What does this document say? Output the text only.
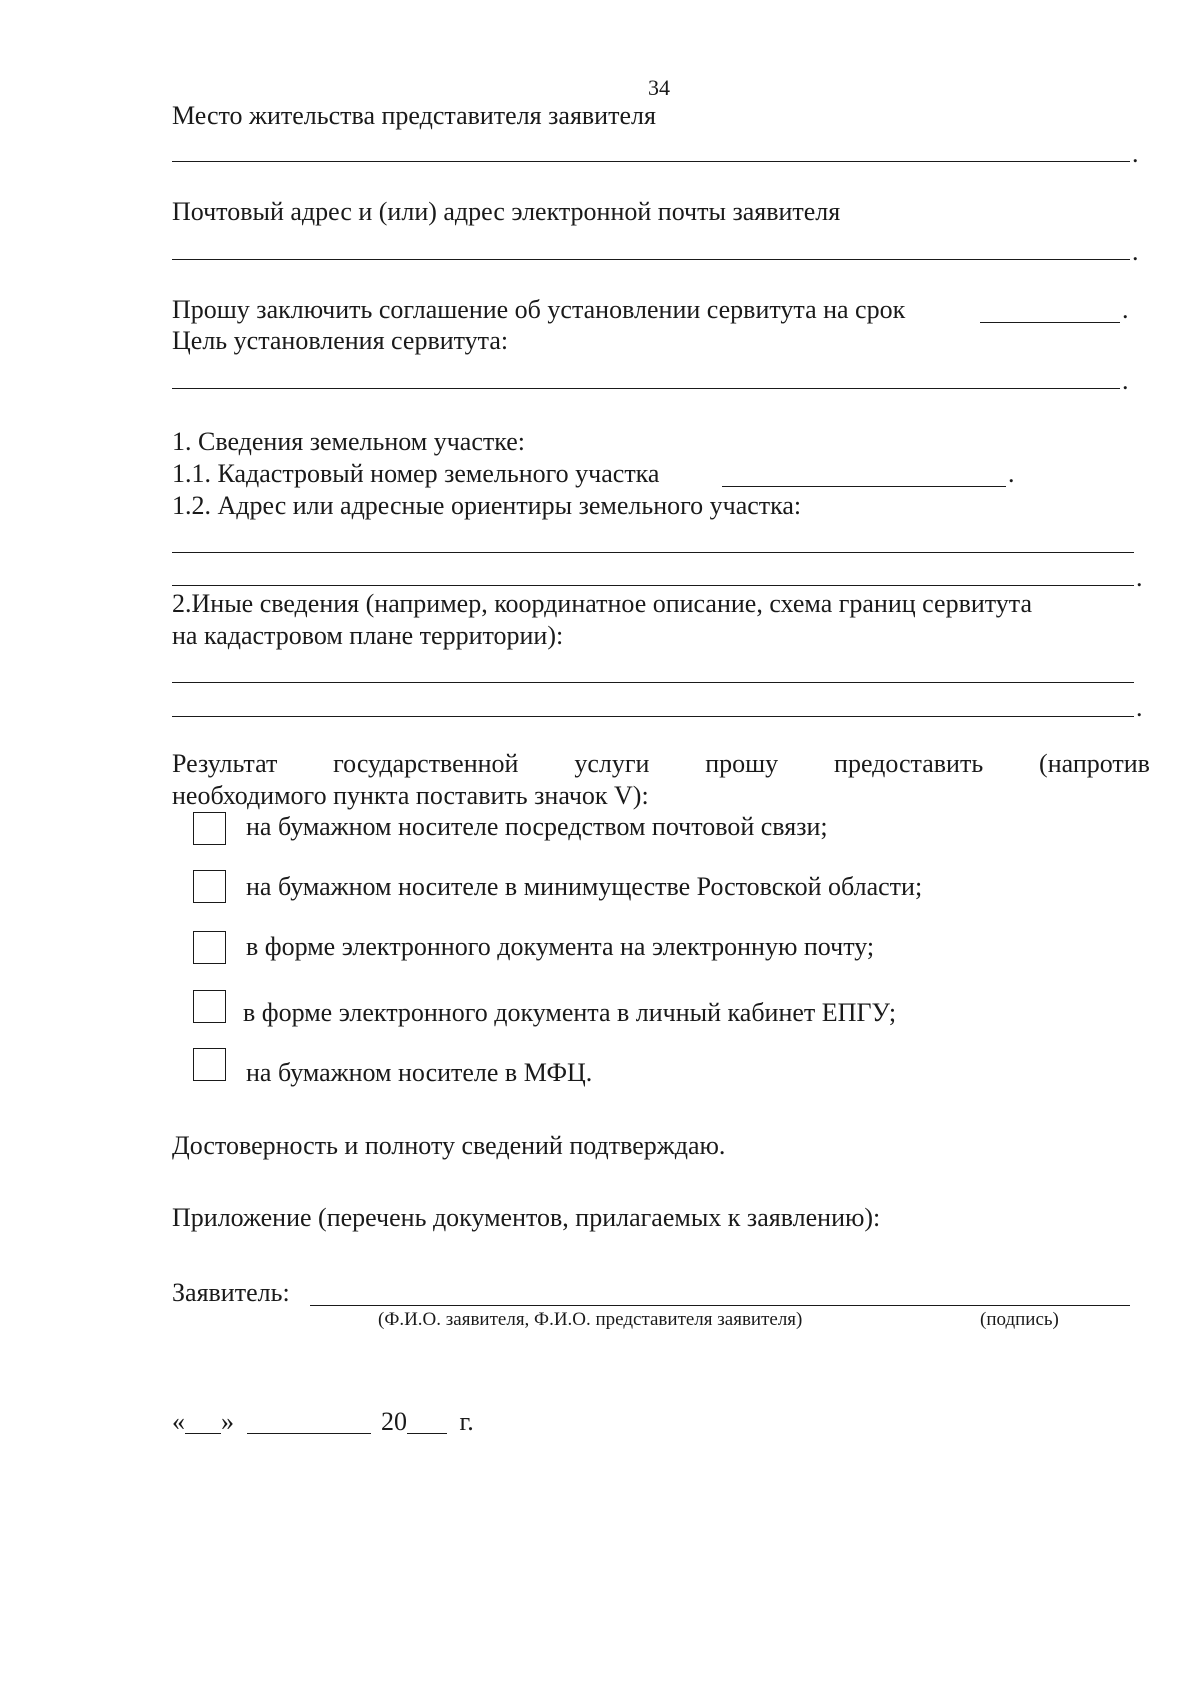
34
Место жительства представителя заявителя
.
Почтовый адрес и (или) адрес электронной почты заявителя
.
Прошу заключить соглашение об установлении сервитута на срок	.
Цель установления сервитута:
.
1. Сведения земельном участке:
1.1. Кадастровый номер земельного участка	.
1.2. Адрес или адресные ориентиры земельного участка:
.
2.Иные сведения (например, координатное описание, схема границ сервитута
на кадастровом плане территории):
.
Результат государственной услуги прошу предоставить (напротив
необходимого пункта поставить значок V):
на бумажном носителе посредством почтовой связи;
на бумажном носителе в минимуществе Ростовской области;
в форме электронного документа на электронную почту;
в форме электронного документа в личный кабинет ЕПГУ;
на бумажном носителе в МФЦ.
Достоверность и полноту сведений подтверждаю.
Приложение (перечень документов, прилагаемых к заявлению):
Заявитель:
(Ф.И.О. заявителя, Ф.И.О. представителя заявителя)	(подпись)
« »	20 г.
